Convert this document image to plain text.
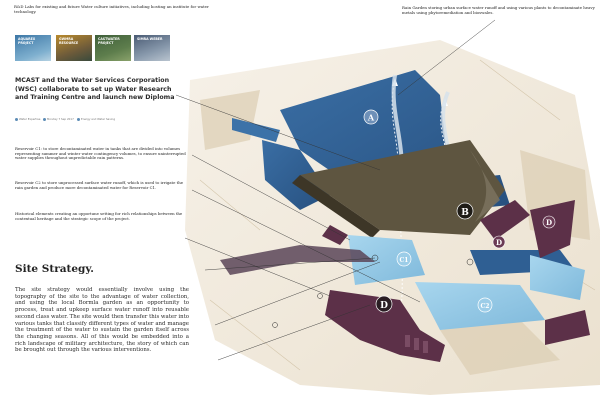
R&D Labs for existing and future Water culture initiatives, including hosting an institute for water technology.
AQUAREX PROJECT
GWMRA RESOURCE
CASTWATER PROJECT
SIMRA WEBER
MCAST and the Water Services Corporation (WSC) collaborate to set up Water Research and Training Centre and launch new Diploma
Water Expertise	Monday 7 Sep 2017	Energy and Water Saving
Reservoir C1: to store decontaminated water in tanks that are divided into volumes representing summer and winter water contingency volumes, to ensure uninterrupted water supplies throughout unpredictable rain patterns.
Reservoir C2 to store unprocessed surface water runoff, which is used to irrigate the rain garden and produce more decontaminated water for Reservoir C1.
Historical elements creating an opportune setting for rich relationships between the contextual heritage and the strategic scope of the project.
Site Strategy.
The site strategy would essentially involve using the topography of the site to the advantage of water collection, and using the local Bormla garden as an opportunity to process, treat and upkeep surface water runoff into reusable second class water. The site would then transfer this water into various tanks that classify different types of water and manage the treatment of the water to sustain the garden itself across the changing seasons. All of this would be embedded into a rich landscape of military architecture, the story of which can be brought out through the various interventions.
Rain Garden storing urban surface water runoff and using various plants to decontaminate heavy metals using phytoremediation and bioswales.
A
B
C1
C2
D
D
D
